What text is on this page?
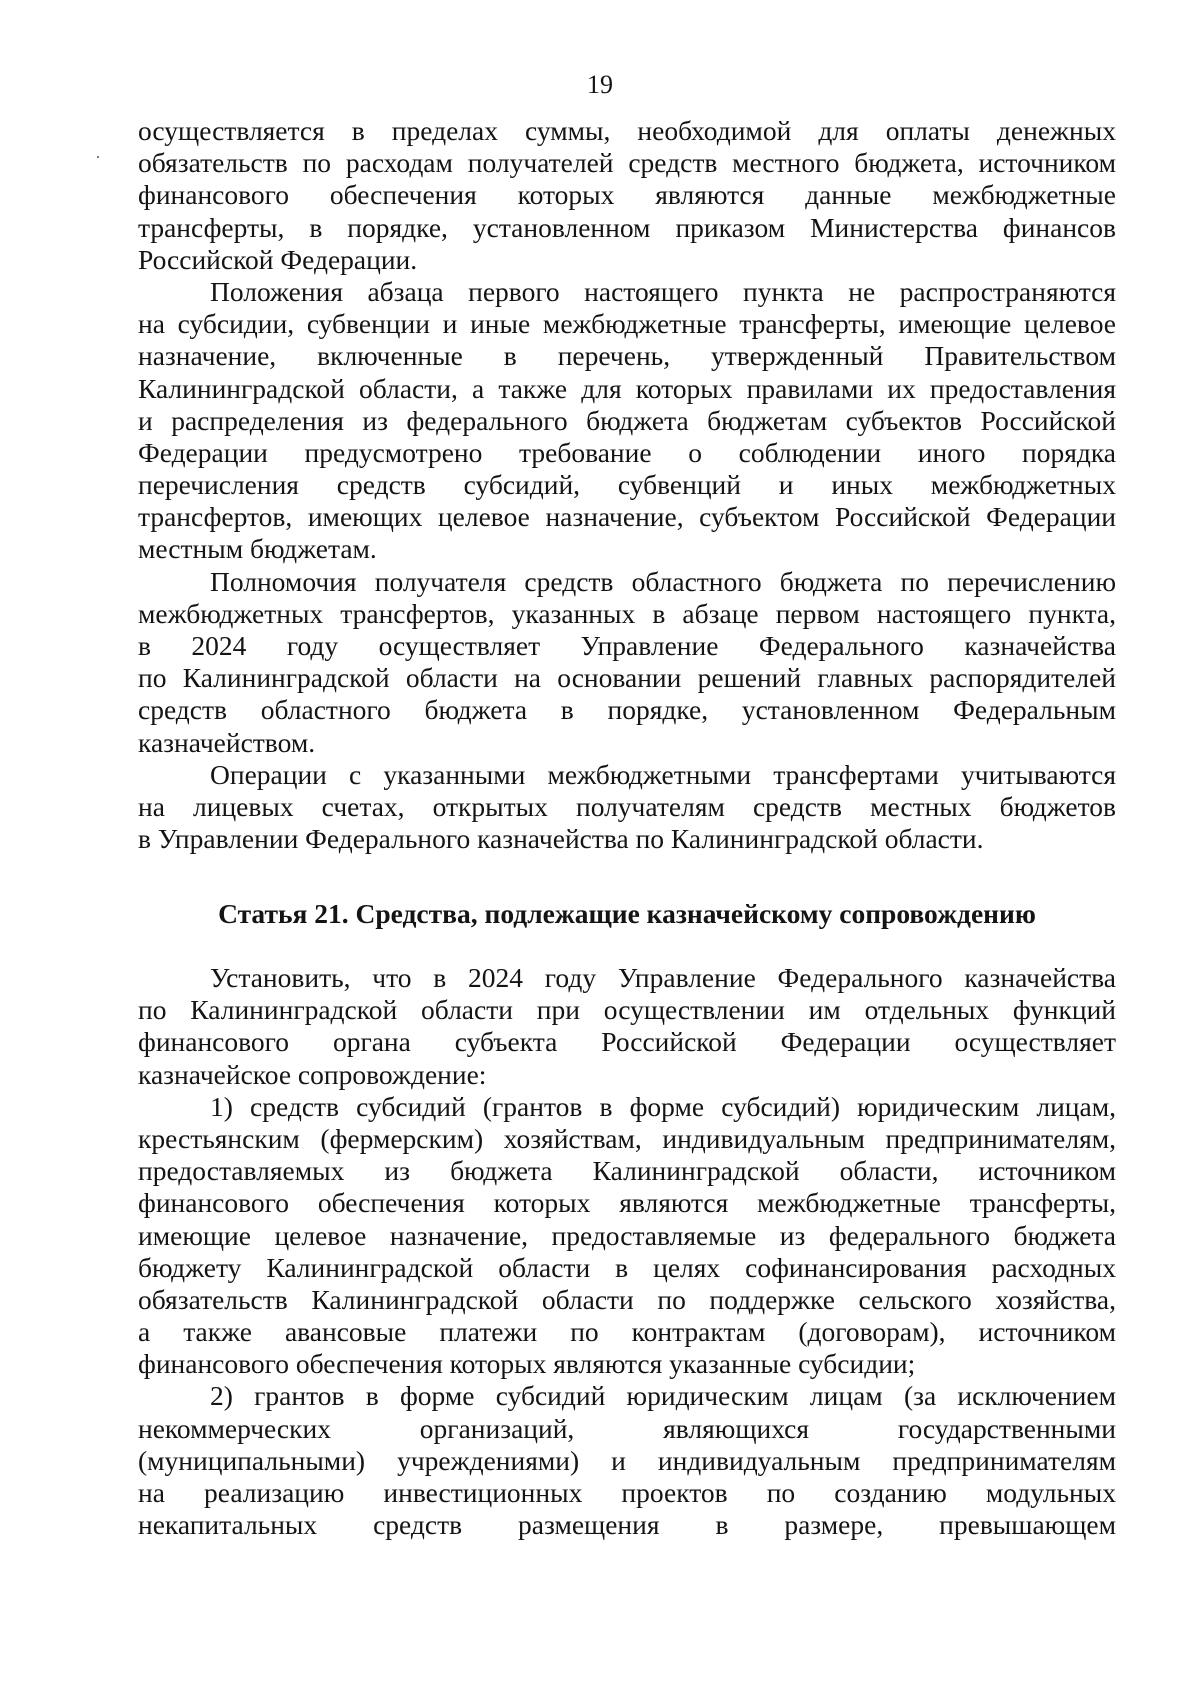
19
осуществляется в пределах суммы, необходимой для оплаты денежных
обязательств по расходам получателей средств местного бюджета, источником
финансового обеспечения которых являются данные межбюджетные
трансферты, в порядке, установленном приказом Министерства финансов
Российской Федерации.
Положения абзаца первого настоящего пункта не распространяются
на субсидии, субвенции и иные межбюджетные трансферты, имеющие целевое
назначение, включенные в перечень, утвержденный Правительством
Калининградской области, а также для которых правилами их предоставления
и распределения из федерального бюджета бюджетам субъектов Российской
Федерации предусмотрено требование о соблюдении иного порядка
перечисления средств субсидий, субвенций и иных межбюджетных
трансфертов, имеющих целевое назначение, субъектом Российской Федерации
местным бюджетам.
Полномочия получателя средств областного бюджета по перечислению
межбюджетных трансфертов, указанных в абзаце первом настоящего пункта,
в 2024 году осуществляет Управление Федерального казначейства
по Калининградской области на основании решений главных распорядителей
средств областного бюджета в порядке, установленном Федеральным
казначейством.
Операции с указанными межбюджетными трансфертами учитываются
на лицевых счетах, открытых получателям средств местных бюджетов
в Управлении Федерального казначейства по Калининградской области.
Статья 21. Средства, подлежащие казначейскому сопровождению
Установить, что в 2024 году Управление Федерального казначейства
по Калининградской области при осуществлении им отдельных функций
финансового органа субъекта Российской Федерации осуществляет
казначейское сопровождение:
1) средств субсидий (грантов в форме субсидий) юридическим лицам,
крестьянским (фермерским) хозяйствам, индивидуальным предпринимателям,
предоставляемых из бюджета Калининградской области, источником
финансового обеспечения которых являются межбюджетные трансферты,
имеющие целевое назначение, предоставляемые из федерального бюджета
бюджету Калининградской области в целях софинансирования расходных
обязательств Калининградской области по поддержке сельского хозяйства,
а также авансовые платежи по контрактам (договорам), источником
финансового обеспечения которых являются указанные субсидии;
2) грантов в форме субсидий юридическим лицам (за исключением
некоммерческих организаций, являющихся государственными
(муниципальными) учреждениями) и индивидуальным предпринимателям
на реализацию инвестиционных проектов по созданию модульных
некапитальных средств размещения в размере, превышающем
